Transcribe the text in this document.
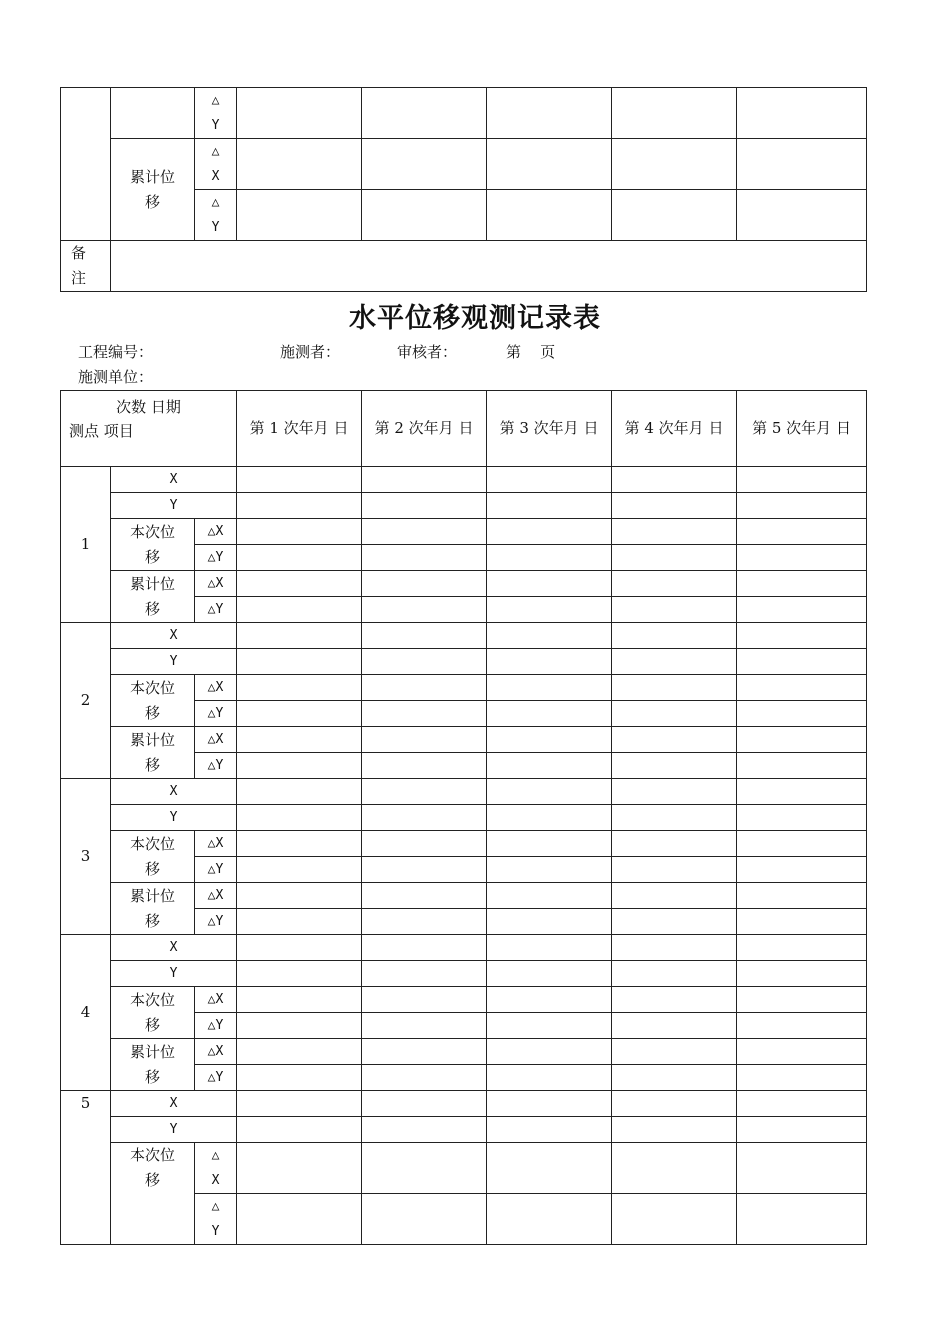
		△
Y					

	累计位移	△
X					

		△
Y					

备
注							

水平位移观测记录表
工程编号：	施测者：	审核者：	第    页
施测单位：
次数 日期
测点 项目			第 1 次年月 日	第 2 次年月 日	第 3 次年月 日	第 4 次年月 日	第 5 次年月 日
1	X						
	Y						

	本次位
移	△X					
		△Y					

	累计位
移	△X					
		△Y					
2	X						
	Y						

	本次位
移	△X					
		△Y					

	累计位
移	△X					
		△Y					
3	X						
	Y						

	本次位
移	△X					
		△Y					

	累计位
移	△X					
		△Y					
4	X						
	Y						

	本次位
移	△X					
		△Y					

	累计位
移	△X					
		△Y					
5	X						
	Y						

	本次位
移	△
X					

		△
Y					
